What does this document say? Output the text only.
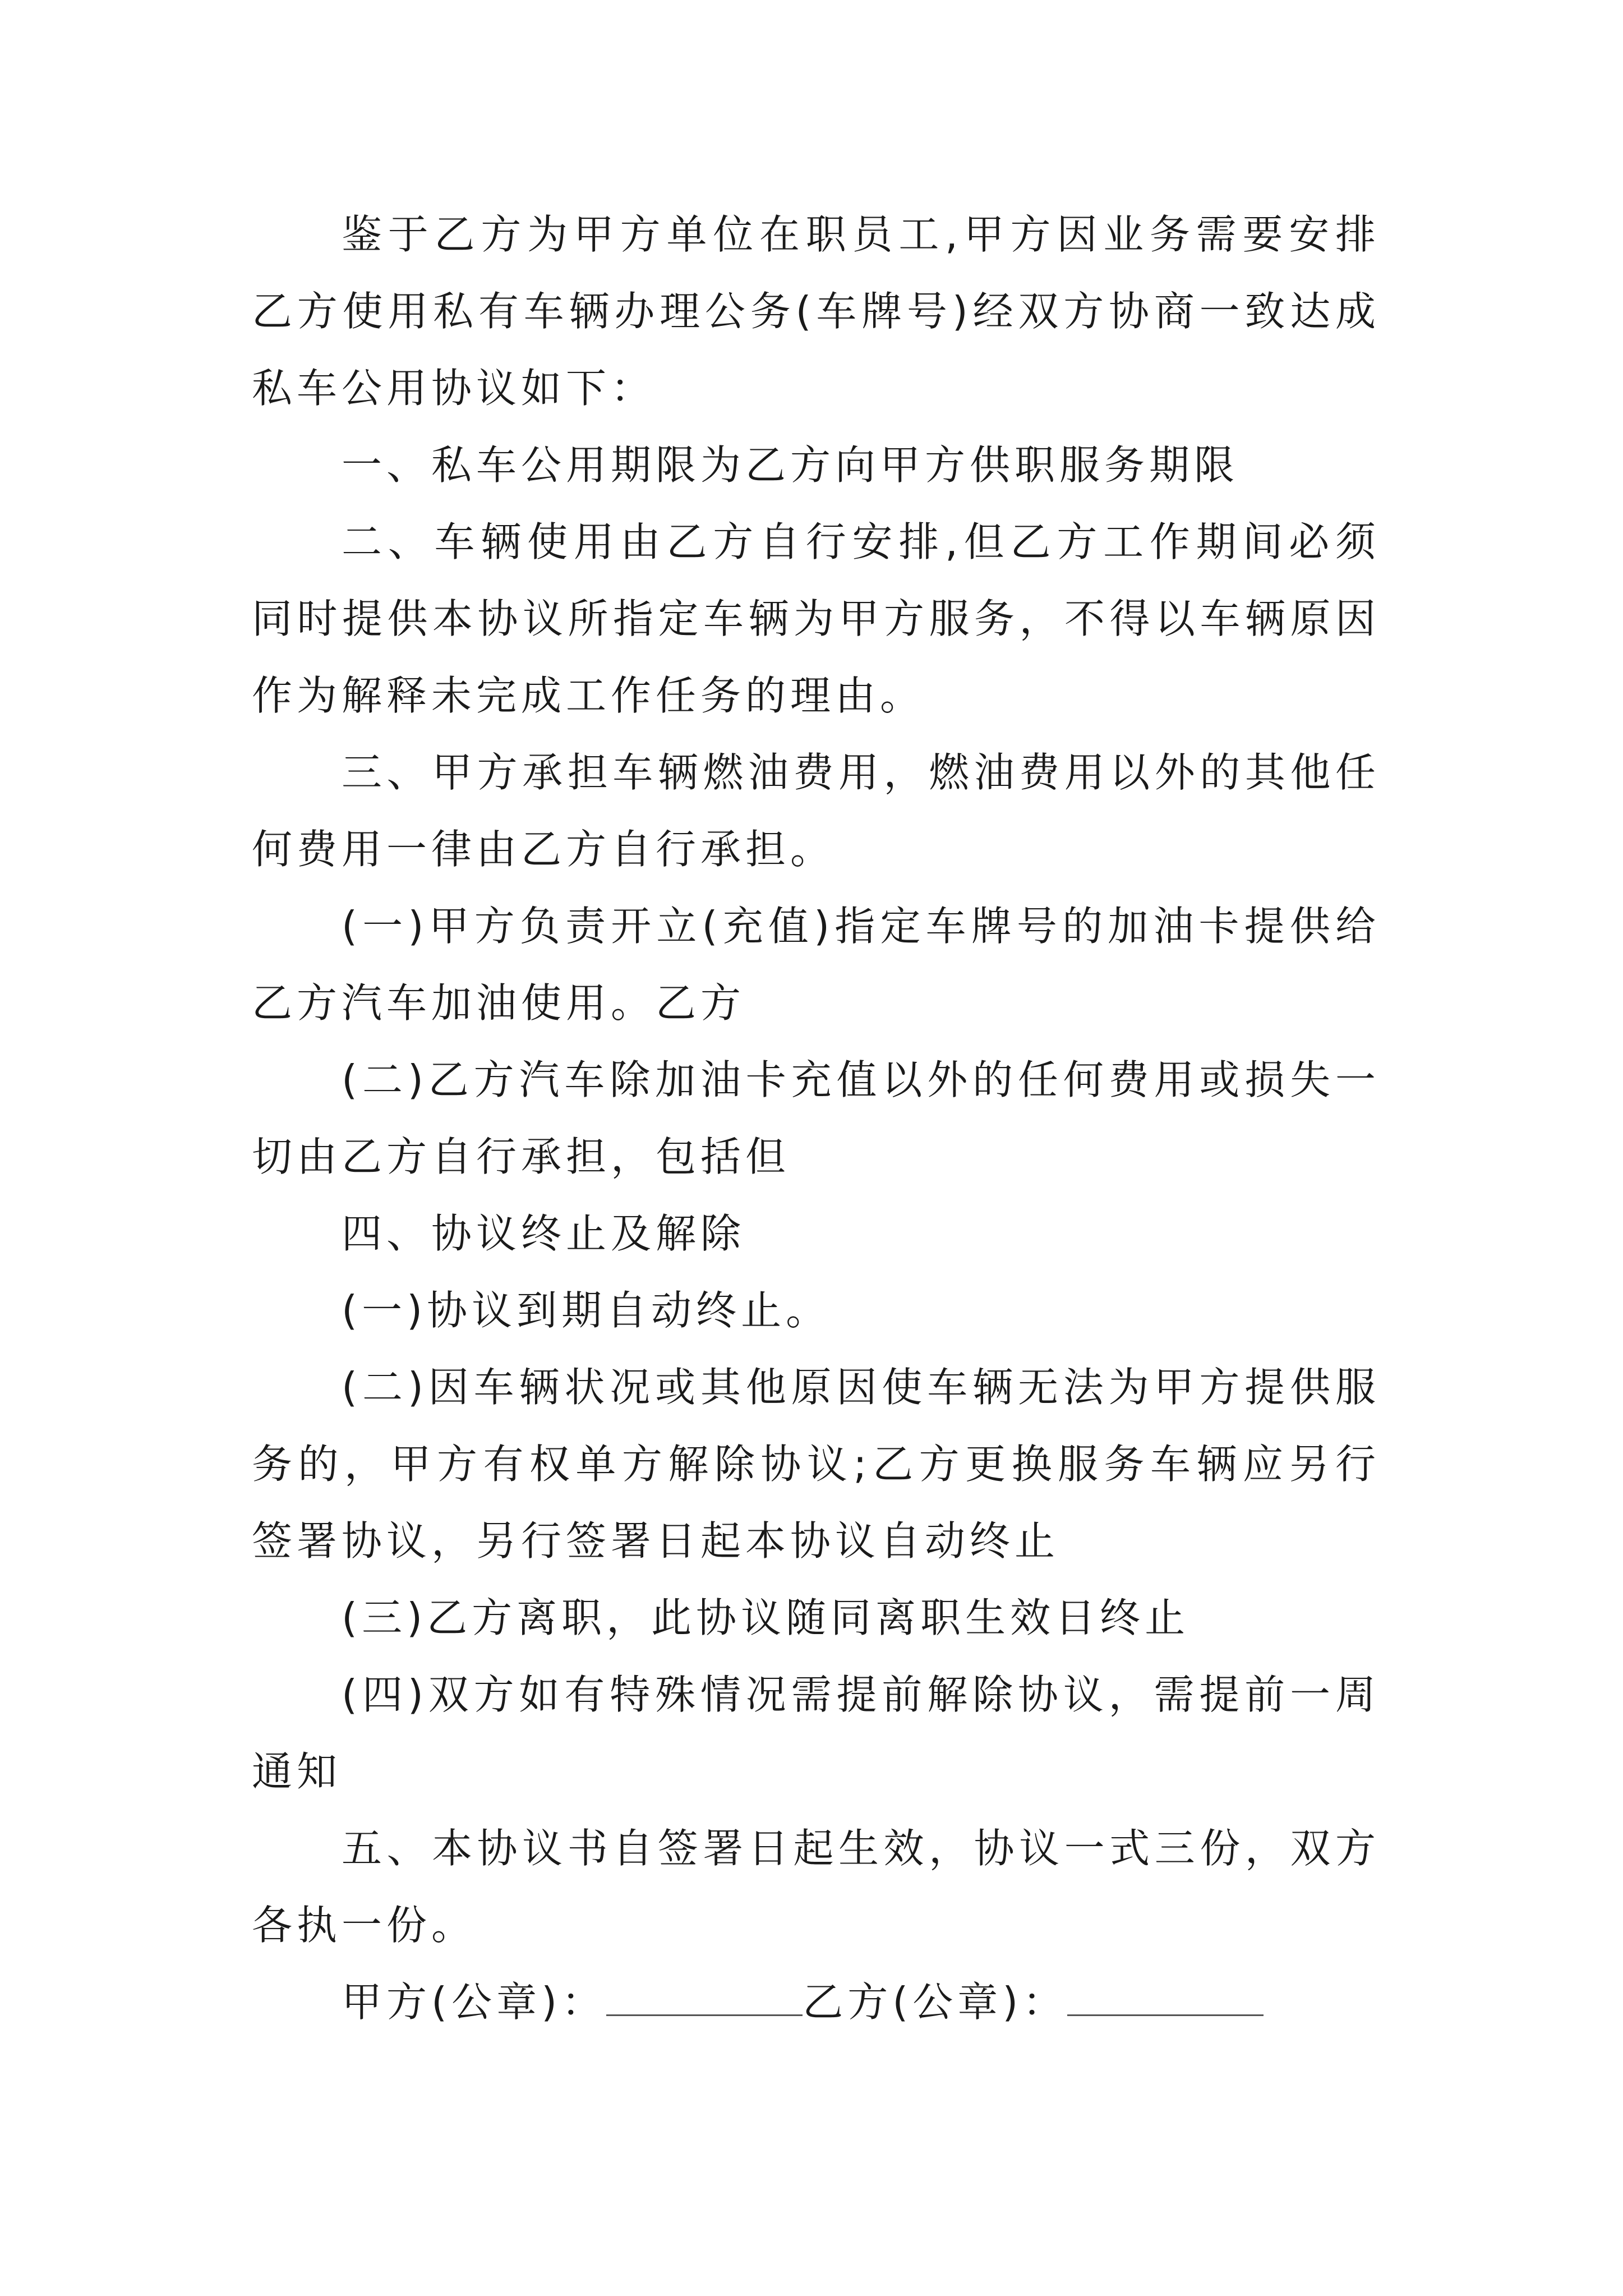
鉴于乙方为甲方单位在职员工,甲方因业务需要安排乙方使用私有车辆办理公务(车牌号)经双方协商一致达成私车公用协议如下：

一、私车公用期限为乙方向甲方供职服务期限

二、车辆使用由乙方自行安排,但乙方工作期间必须同时提供本协议所指定车辆为甲方服务，不得以车辆原因作为解释未完成工作任务的理由。

三、甲方承担车辆燃油费用，燃油费用以外的其他任何费用一律由乙方自行承担。

(一)甲方负责开立(充值)指定车牌号的加油卡提供给乙方汽车加油使用。乙方

(二)乙方汽车除加油卡充值以外的任何费用或损失一切由乙方自行承担，包括但

四、协议终止及解除

(一)协议到期自动终止。

(二)因车辆状况或其他原因使车辆无法为甲方提供服务的，甲方有权单方解除协议;乙方更换服务车辆应另行签署协议，另行签署日起本协议自动终止

(三)乙方离职，此协议随同离职生效日终止

(四)双方如有特殊情况需提前解除协议，需提前一周通知

五、本协议书自签署日起生效，协议一式三份，双方各执一份。

甲方(公章)：	乙方(公章)：
